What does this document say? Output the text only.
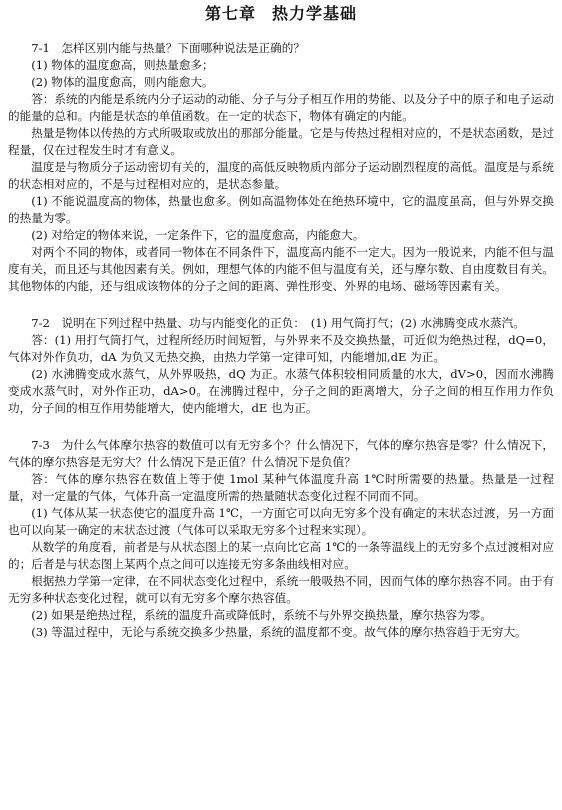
第七章 热力学基础

7-1　怎样区别内能与热量？下面哪种说法是正确的？

(1) 物体的温度愈高，则热量愈多；

(2) 物体的温度愈高，则内能愈大。

答：系统的内能是系统内分子运动的动能、分子与分子相互作用的势能、以及分子中的原子和电子运动的能量的总和。内能是状态的单值函数。在一定的状态下，物体有确定的内能。

热量是物体以传热的方式所吸取或放出的那部分能量。它是与传热过程相对应的，不是状态函数，是过程量，仅在过程发生时才有意义。

温度是与物质分子运动密切有关的，温度的高低反映物质内部分子运动剧烈程度的高低。温度是与系统的状态相对应的，不是与过程相对应的，是状态参量。

(1) 不能说温度高的物体，热量也愈多。例如高温物体处在绝热环境中，它的温度虽高，但与外界交换的热量为零。

(2) 对给定的物体来说，一定条件下，它的温度愈高，内能愈大。

对两个不同的物体，或者同一物体在不同条件下，温度高内能不一定大。因为一般说来，内能不但与温度有关，而且还与其他因素有关。例如，理想气体的内能不但与温度有关，还与摩尔数、自由度数目有关。其他物体的内能，还与组成该物体的分子之间的距离、弹性形变、外界的电场、磁场等因素有关。

7-2　说明在下列过程中热量、功与内能变化的正负：　(1) 用气筒打气；(2) 水沸腾变成水蒸汽。

答：(1) 用打气筒打气，过程所经历时间短暂，与外界来不及交换热量，可近似为绝热过程，dQ=0，气体对外作负功，dA 为负又无热交换，由热力学第一定律可知，内能增加,dE 为正。

(2) 水沸腾变成水蒸气，从外界吸热，dQ 为正。水蒸气体积较相同质量的水大，dV>0，因而水沸腾变成水蒸气时，对外作正功，dA>0。在沸腾过程中，分子之间的距离增大，分子之间的相互作用力作负功，分子间的相互作用势能增大，使内能增大，dE 也为正。

7-3　为什么气体摩尔热容的数值可以有无穷多个？什么情况下，气体的摩尔热容是零？什么情况下，气体的摩尔热容是无穷大？什么情况下是正值？什么情况下是负值？

答：气体的摩尔热容在数值上等于使 1mol 某种气体温度升高 1℃时所需要的热量。热量是一过程量，对一定量的气体，气体升高一定温度所需的热量随状态变化过程不同而不同。

(1) 气体从某一状态使它的温度升高 1℃，一方面它可以向无穷多个没有确定的末状态过渡，另一方面也可以向某一确定的末状态过渡（气体可以采取无穷多个过程来实现）。

从数学的角度看，前者是与从状态图上的某一点向比它高 1℃的一条等温线上的无穷多个点过渡相对应的；后者是与状态图上某两个点之间可以连接无穷多条曲线相对应。

根据热力学第一定律，在不同状态变化过程中，系统一般吸热不同，因而气体的摩尔热容不同。由于有无穷多种状态变化过程，就可以有无穷多个摩尔热容值。

(2) 如果是绝热过程，系统的温度升高或降低时，系统不与外界交换热量，摩尔热容为零。

(3) 等温过程中，无论与系统交换多少热量，系统的温度都不变。故气体的摩尔热容趋于无穷大。
